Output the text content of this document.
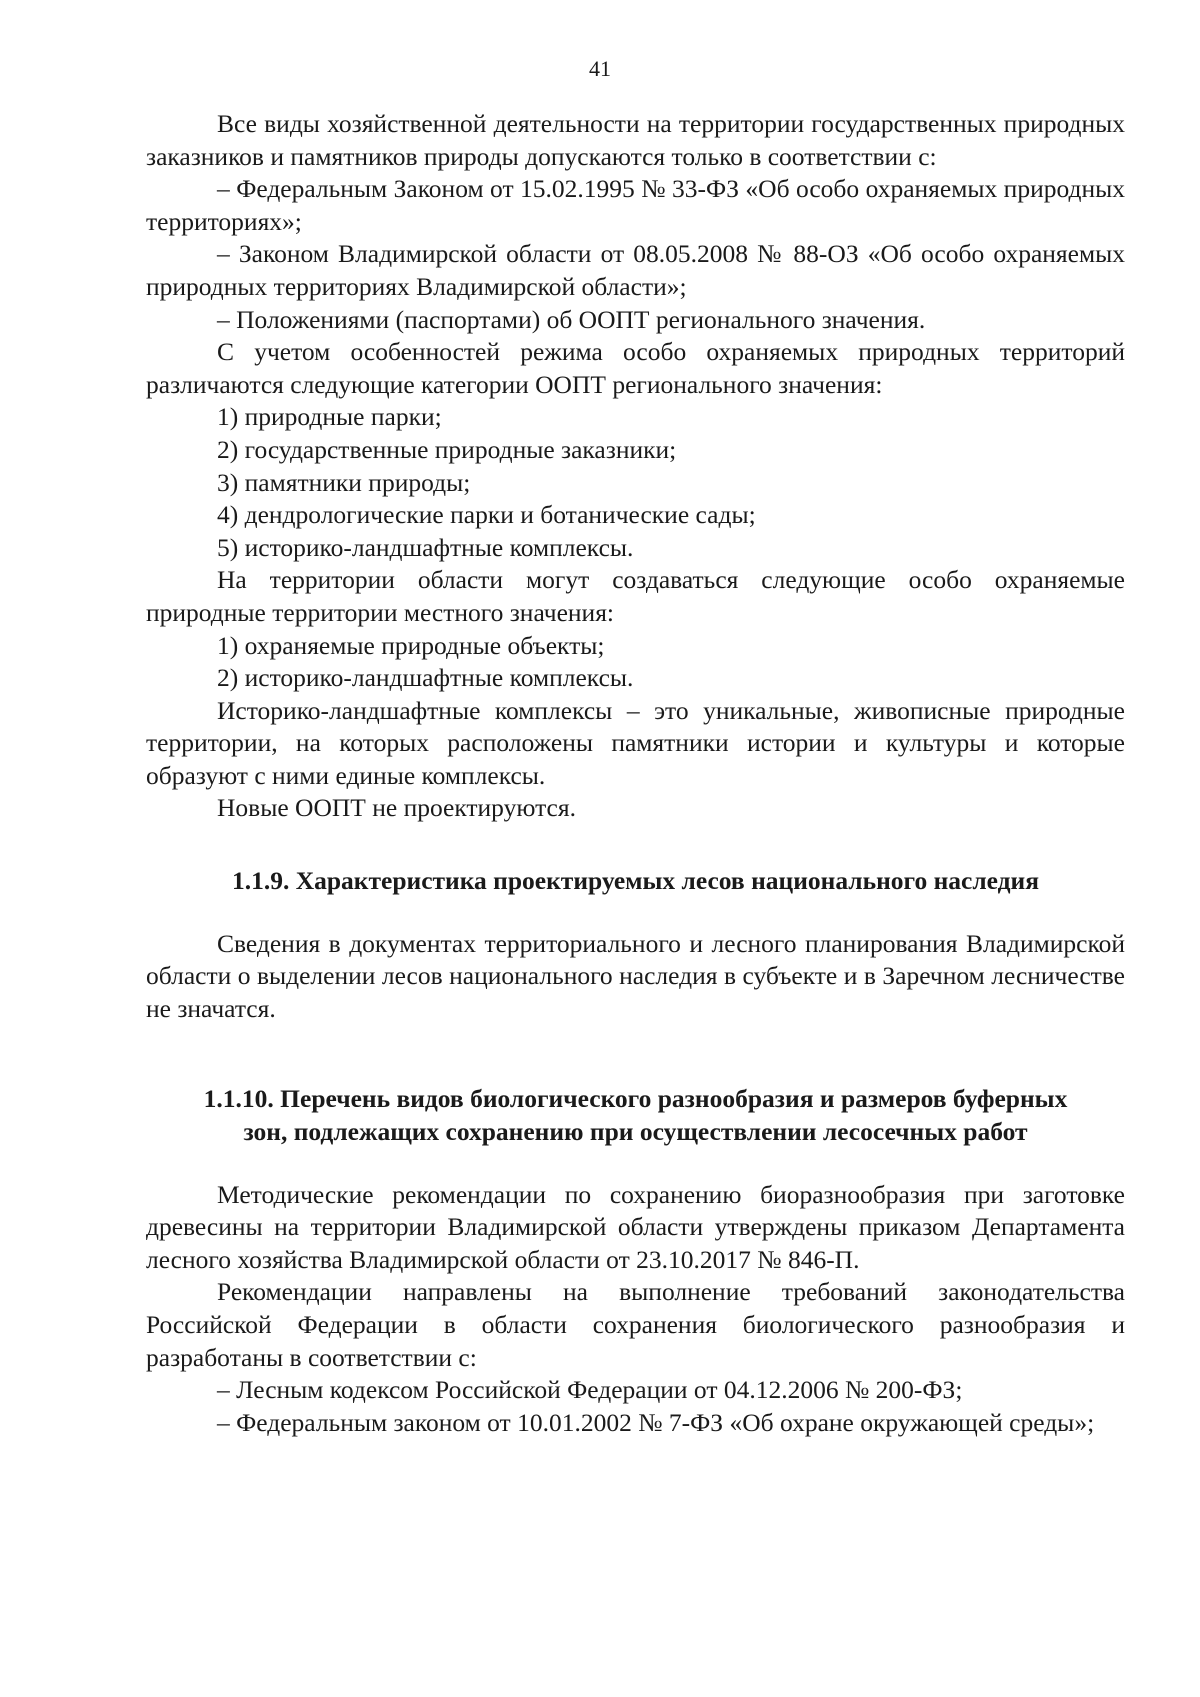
41

Все виды хозяйственной деятельности на территории государственных природных заказников и памятников природы допускаются только в соответствии с:

– Федеральным Законом от 15.02.1995 № 33-ФЗ «Об особо охраняемых природных территориях»;

– Законом Владимирской области от 08.05.2008 № 88-ОЗ «Об особо охраняемых природных территориях Владимирской области»;

– Положениями (паспортами) об ООПТ регионального значения.

С учетом особенностей режима особо охраняемых природных территорий различаются следующие категории ООПТ регионального значения:

1) природные парки;

2) государственные природные заказники;

3) памятники природы;

4) дендрологические парки и ботанические сады;

5) историко-ландшафтные комплексы.

На территории области могут создаваться следующие особо охраняемые природные территории местного значения:

1) охраняемые природные объекты;

2) историко-ландшафтные комплексы.

Историко-ландшафтные комплексы – это уникальные, живописные природные территории, на которых расположены памятники истории и культуры и которые образуют с ними единые комплексы.

Новые ООПТ не проектируются.

1.1.9. Характеристика проектируемых лесов национального наследия

Сведения в документах территориального и лесного планирования Владимирской области о выделении лесов национального наследия в субъекте и в Заречном лесничестве не значатся.

1.1.10. Перечень видов биологического разнообразия и размеров буферных

зон, подлежащих сохранению при осуществлении лесосечных работ

Методические рекомендации по сохранению биоразнообразия при заготовке древесины на территории Владимирской области утверждены приказом Департамента лесного хозяйства Владимирской области от 23.10.2017 № 846-П.

Рекомендации направлены на выполнение требований законодательства Российской Федерации в области сохранения биологического разнообразия и разработаны в соответствии с:

– Лесным кодексом Российской Федерации от 04.12.2006 № 200-ФЗ;

– Федеральным законом от 10.01.2002 № 7-ФЗ «Об охране окружающей среды»;
